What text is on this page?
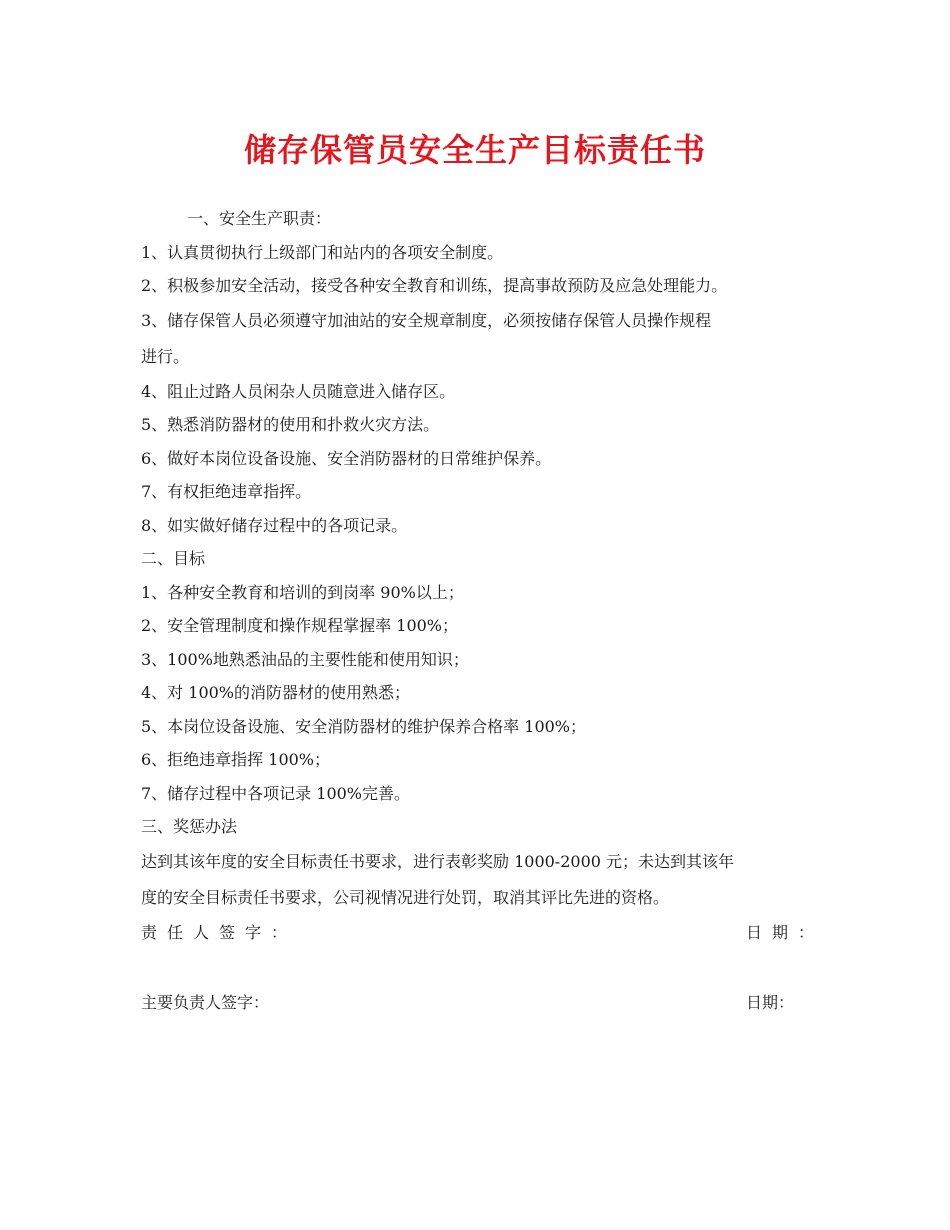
储存保管员安全生产目标责任书
一、安全生产职责：
1、认真贯彻执行上级部门和站内的各项安全制度。
2、积极参加安全活动，接受各种安全教育和训练，提高事故预防及应急处理能力。
3、储存保管人员必须遵守加油站的安全规章制度，必须按储存保管人员操作规程
进行。
4、阻止过路人员闲杂人员随意进入储存区。
5、熟悉消防器材的使用和扑救火灾方法。
6、做好本岗位设备设施、安全消防器材的日常维护保养。
7、有权拒绝违章指挥。
8、如实做好储存过程中的各项记录。
二、目标
1、各种安全教育和培训的到岗率 90%以上；
2、安全管理制度和操作规程掌握率 100%；
3、100%地熟悉油品的主要性能和使用知识；
4、对 100%的消防器材的使用熟悉；
5、本岗位设备设施、安全消防器材的维护保养合格率 100%；
6、拒绝违章指挥 100%；
7、储存过程中各项记录 100%完善。
三、奖惩办法
达到其该年度的安全目标责任书要求，进行表彰奖励 1000-2000 元；未达到其该年
度的安全目标责任书要求，公司视情况进行处罚，取消其评比先进的资格。
责任人签字：	日期：
主要负责人签字：	日期：
